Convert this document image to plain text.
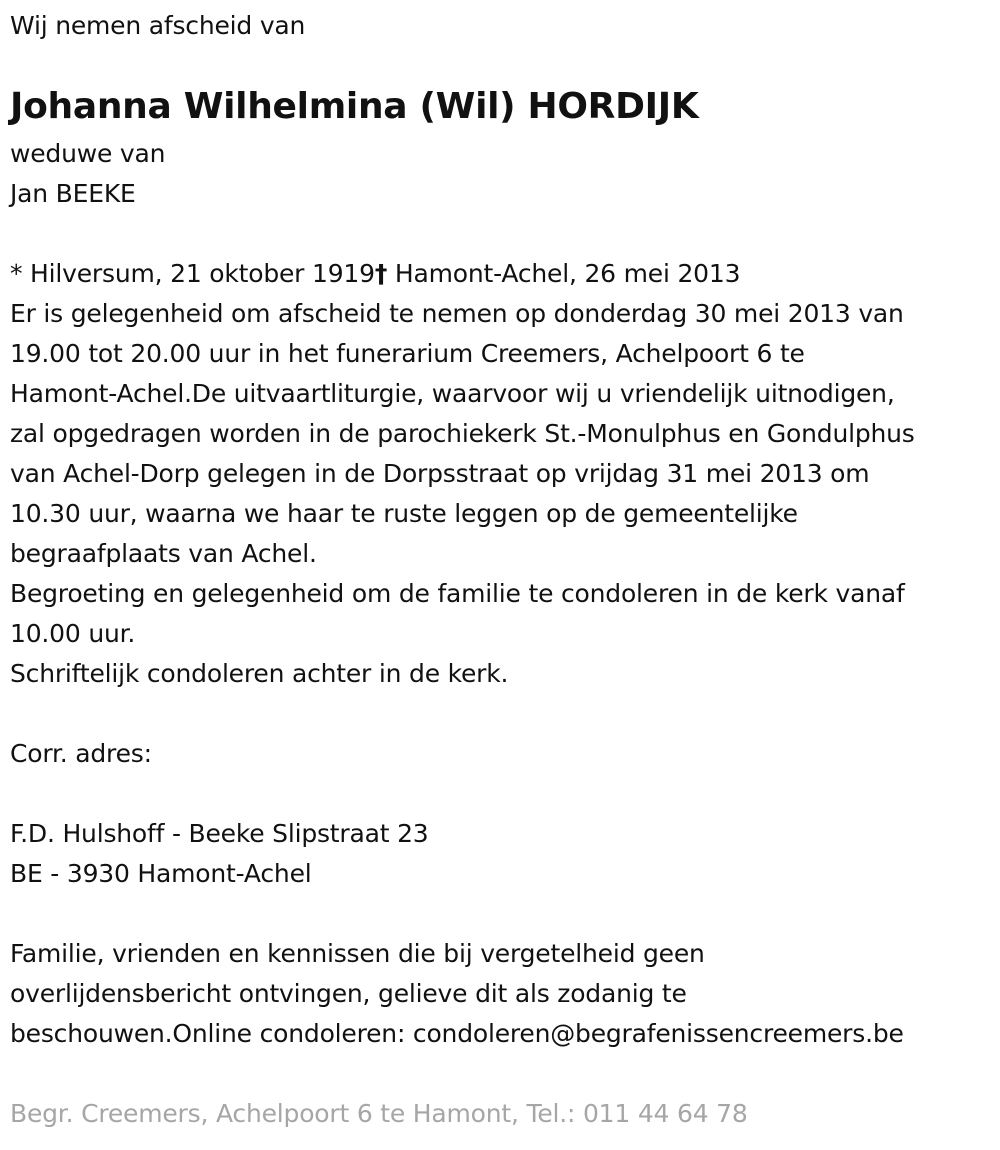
Wij nemen afscheid van
Johanna Wilhelmina (Wil) HORDIJK
weduwe van
Jan BEEKE
* Hilversum, 21 oktober 1919† Hamont-Achel, 26 mei 2013
Er is gelegenheid om afscheid te nemen op donderdag 30 mei 2013 van
19.00 tot 20.00 uur in het funerarium Creemers, Achelpoort 6 te
Hamont-Achel.De uitvaartliturgie, waarvoor wij u vriendelijk uitnodigen,
zal opgedragen worden in de parochiekerk St.-Monulphus en Gondulphus
van Achel-Dorp gelegen in de Dorpsstraat op vrijdag 31 mei 2013 om
10.30 uur, waarna we haar te ruste leggen op de gemeentelijke
begraafplaats van Achel.
Begroeting en gelegenheid om de familie te condoleren in de kerk vanaf
10.00 uur.
Schriftelijk condoleren achter in de kerk.
Corr. adres:
F.D. Hulshoff - Beeke Slipstraat 23
BE - 3930 Hamont-Achel
Familie, vrienden en kennissen die bij vergetelheid geen
overlijdensbericht ontvingen, gelieve dit als zodanig te
beschouwen.Online condoleren: condoleren@begrafenissencreemers.be
Begr. Creemers, Achelpoort 6 te Hamont, Tel.: 011 44 64 78
